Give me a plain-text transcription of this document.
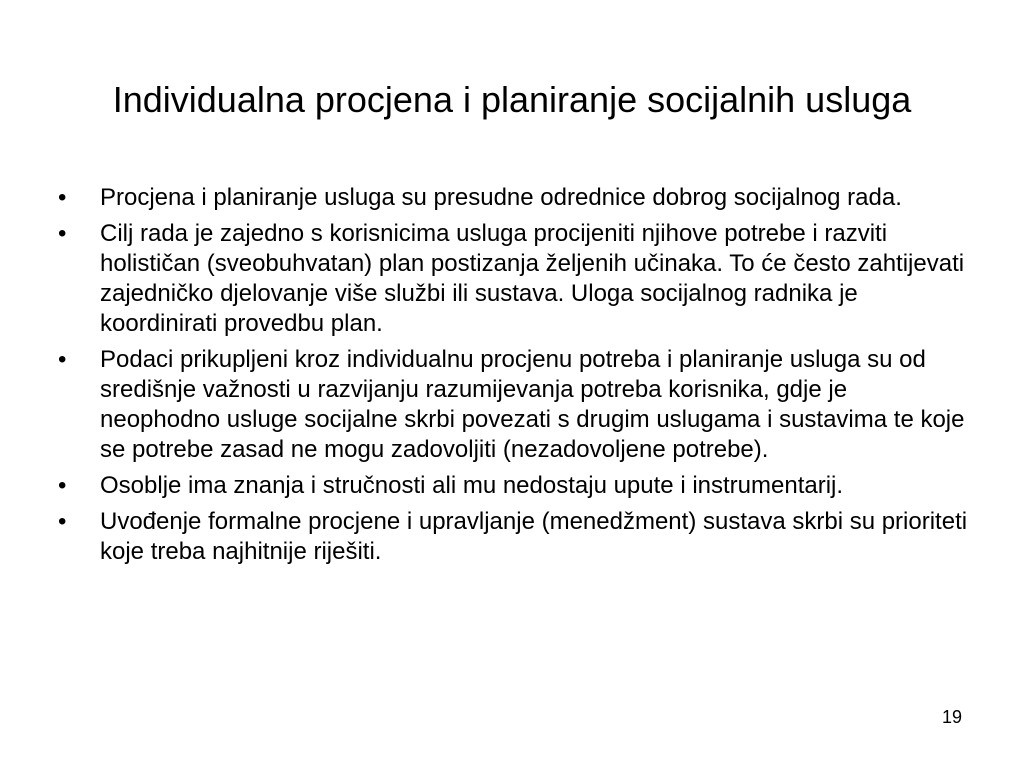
Individualna procjena i planiranje socijalnih usluga
•	Procjena i planiranje usluga su presudne odrednice dobrog socijalnog rada.
•	Cilj rada je zajedno s korisnicima usluga procijeniti njihove potrebe i razviti holističan (sveobuhvatan) plan postizanja željenih učinaka. To će često zahtijevati zajedničko djelovanje više službi ili sustava. Uloga socijalnog radnika je koordinirati provedbu plan.
•	Podaci prikupljeni kroz individualnu procjenu potreba i planiranje usluga su od središnje važnosti u razvijanju razumijevanja potreba korisnika, gdje je neophodno usluge socijalne skrbi povezati s drugim uslugama i sustavima te koje se potrebe zasad ne mogu zadovoljiti (nezadovoljene potrebe).
•	Osoblje ima znanja i stručnosti ali mu nedostaju upute i instrumentarij.
•	Uvođenje formalne procjene i upravljanje (menedžment) sustava skrbi su prioriteti koje treba najhitnije riješiti.
19
